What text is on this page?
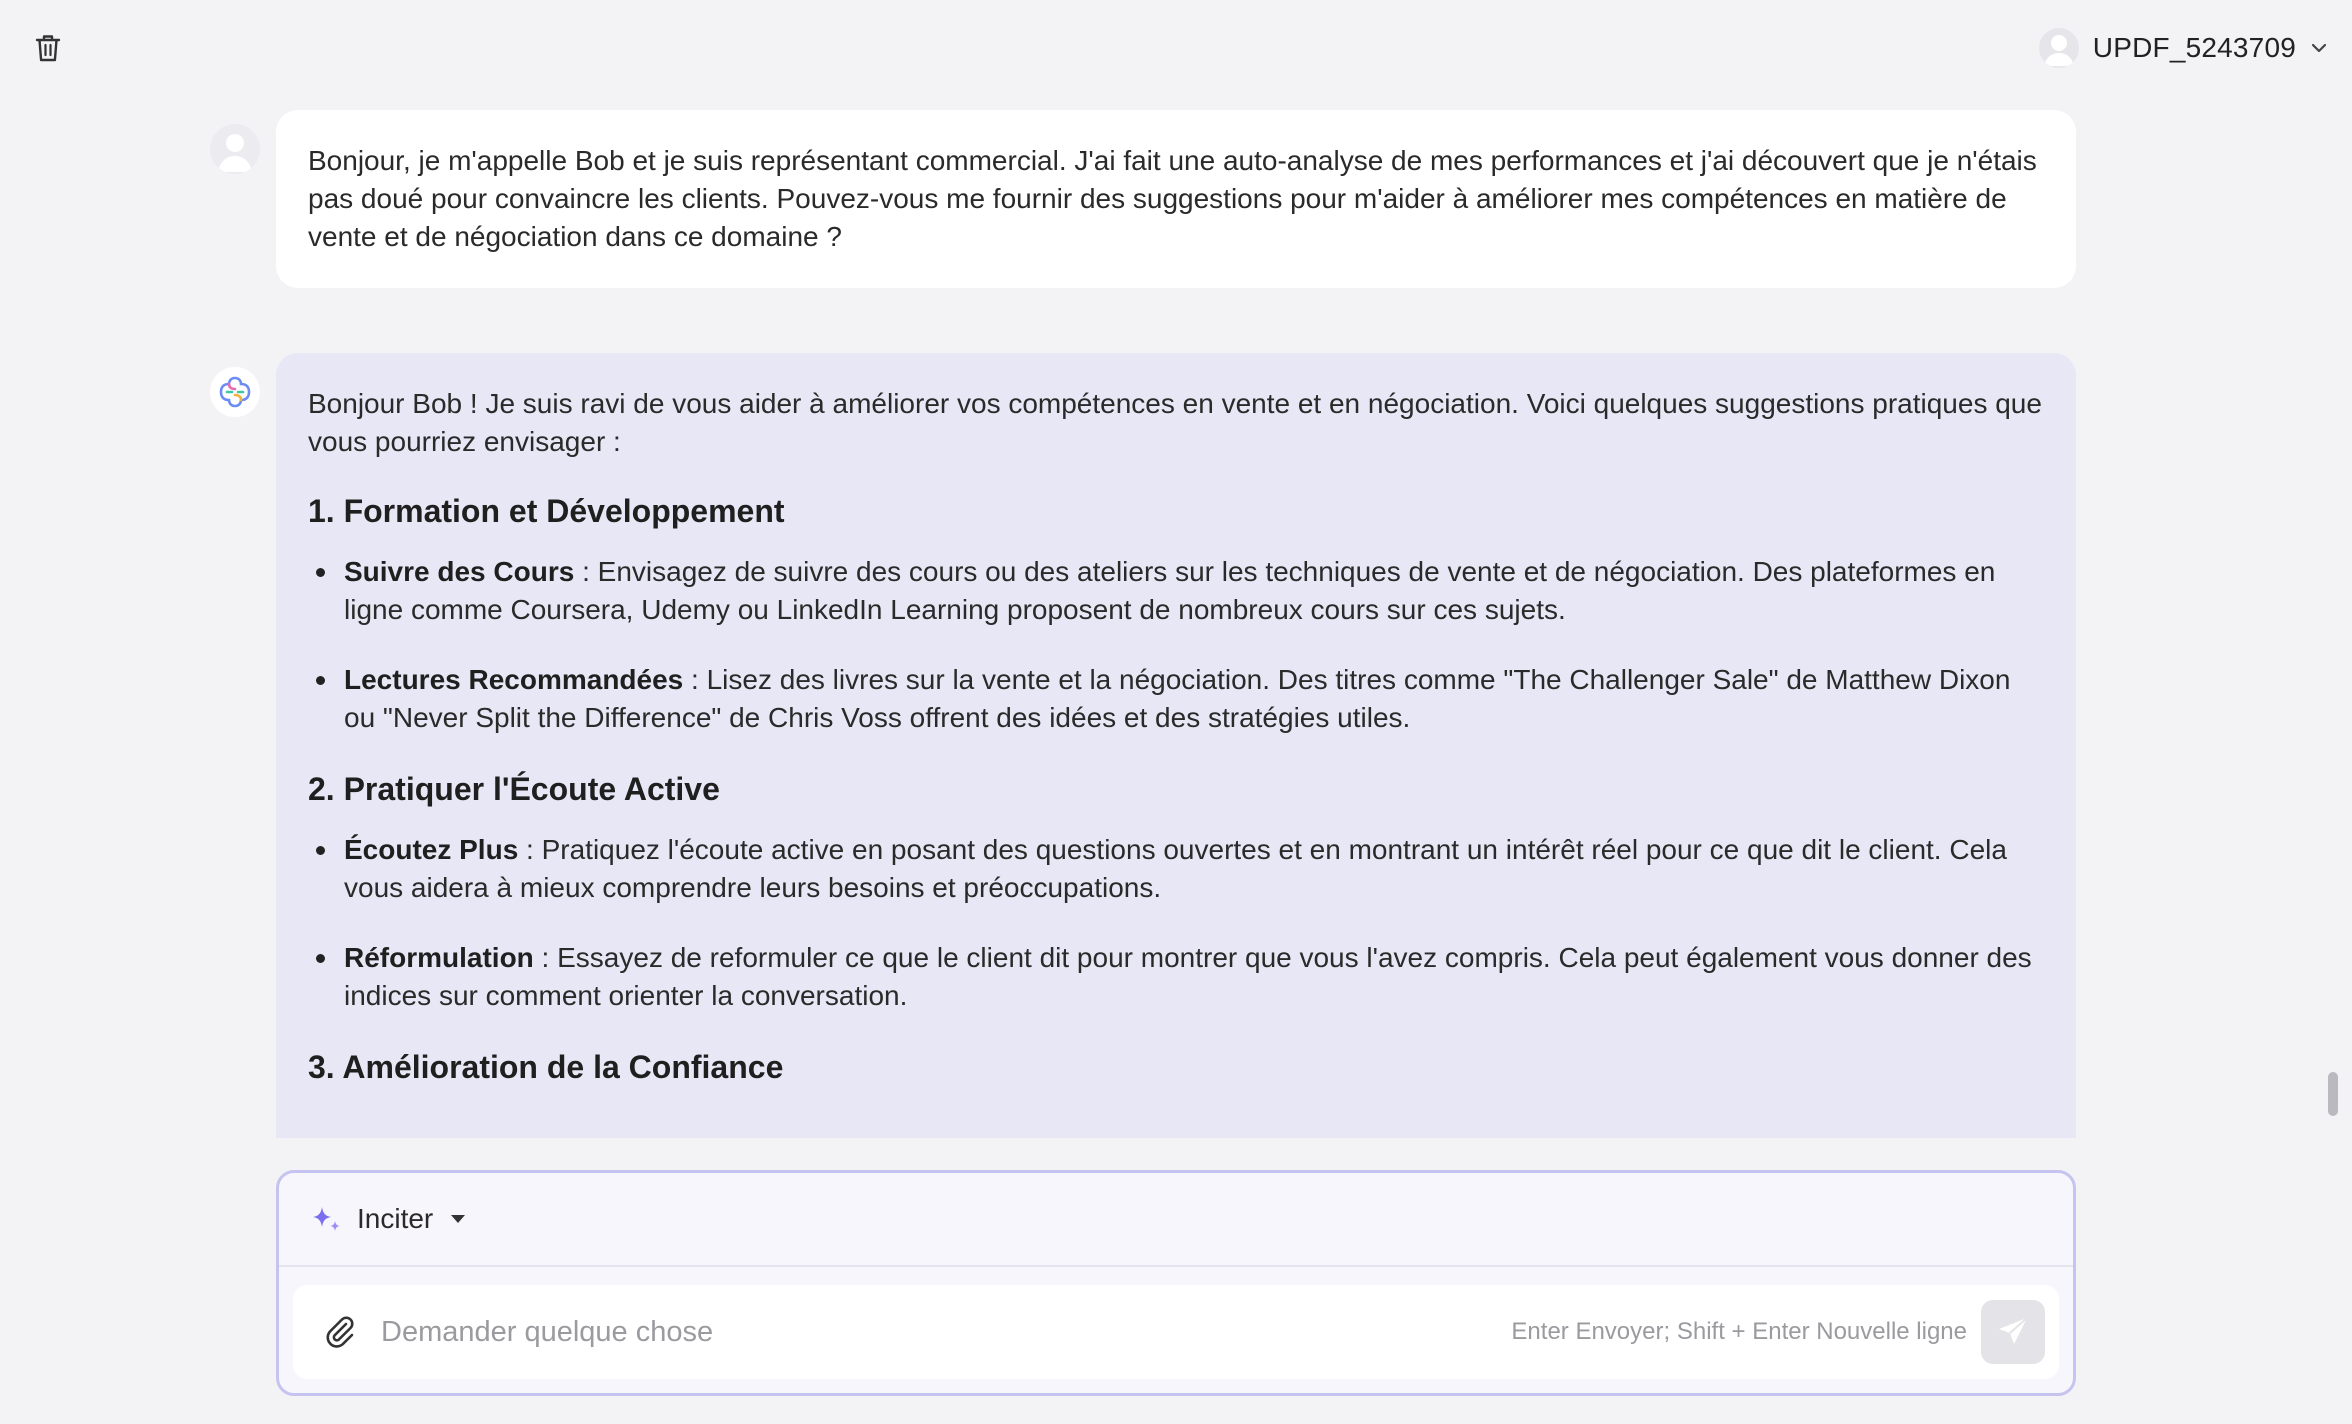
UPDF_5243709

Bonjour, je m'appelle Bob et je suis représentant commercial. J'ai fait une auto-analyse de mes performances et j'ai découvert que je n'étais pas doué pour convaincre les clients. Pouvez-vous me fournir des suggestions pour m'aider à améliorer mes compétences en matière de vente et de négociation dans ce domaine ?

Bonjour Bob ! Je suis ravi de vous aider à améliorer vos compétences en vente et en négociation. Voici quelques suggestions pratiques que vous pourriez envisager :

1. Formation et Développement
Suivre des Cours : Envisagez de suivre des cours ou des ateliers sur les techniques de vente et de négociation. Des plateformes en ligne comme Coursera, Udemy ou LinkedIn Learning proposent de nombreux cours sur ces sujets.
Lectures Recommandées : Lisez des livres sur la vente et la négociation. Des titres comme "The Challenger Sale" de Matthew Dixon ou "Never Split the Difference" de Chris Voss offrent des idées et des stratégies utiles.
2. Pratiquer l'Écoute Active
Écoutez Plus : Pratiquez l'écoute active en posant des questions ouvertes et en montrant un intérêt réel pour ce que dit le client. Cela vous aidera à mieux comprendre leurs besoins et préoccupations.
Réformulation : Essayez de reformuler ce que le client dit pour montrer que vous l'avez compris. Cela peut également vous donner des indices sur comment orienter la conversation.
3. Amélioration de la Confiance
Inciter
Demander quelque chose
Enter Envoyer; Shift + Enter Nouvelle ligne
